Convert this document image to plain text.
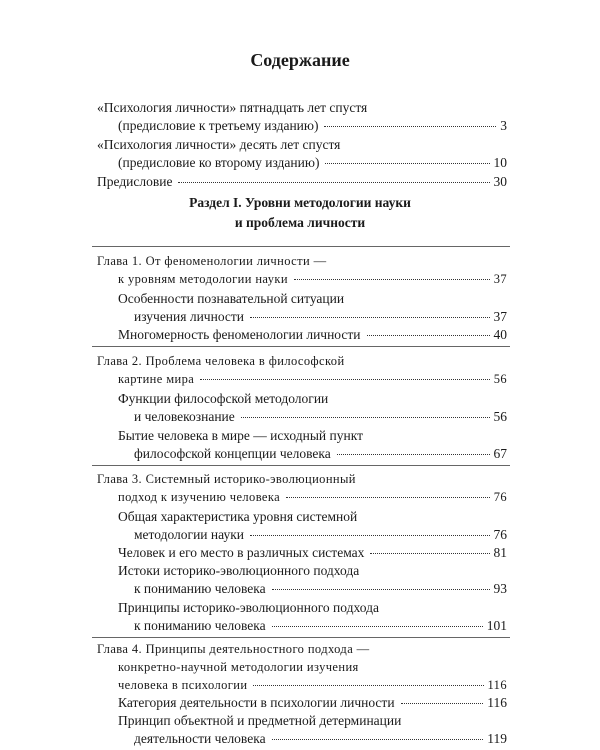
Содержание
«Психология личности» пятнадцать лет спустя
(предисловие к третьему изданию)	3
«Психология личности» десять лет спустя
(предисловие ко второму изданию)	10
Предисловие	30
Раздел I. Уровни методологии науки
и проблема личности
Глава 1. От феноменологии личности —
к уровням методологии науки	37
Особенности познавательной ситуации
изучения личности	37
Многомерность феноменологии личности	40
Глава 2. Проблема человека в философской
картине мира	56
Функции философской методологии
и человекознание	56
Бытие человека в мире — исходный пункт
философской концепции человека	67
Глава 3. Системный историко-эволюционный
подход к изучению человека	76
Общая характеристика уровня системной
методологии науки	76
Человек и его место в различных системах	81
Истоки историко-эволюционного подхода
к пониманию человека	93
Принципы историко-эволюционного подхода
к пониманию человека	101
Глава 4. Принципы деятельностного подхода —
конкретно-научной методологии изучения
человека в психологии	116
Категория деятельности в психологии личности	116
Принцип объектной и предметной детерминации
деятельности человека	119
